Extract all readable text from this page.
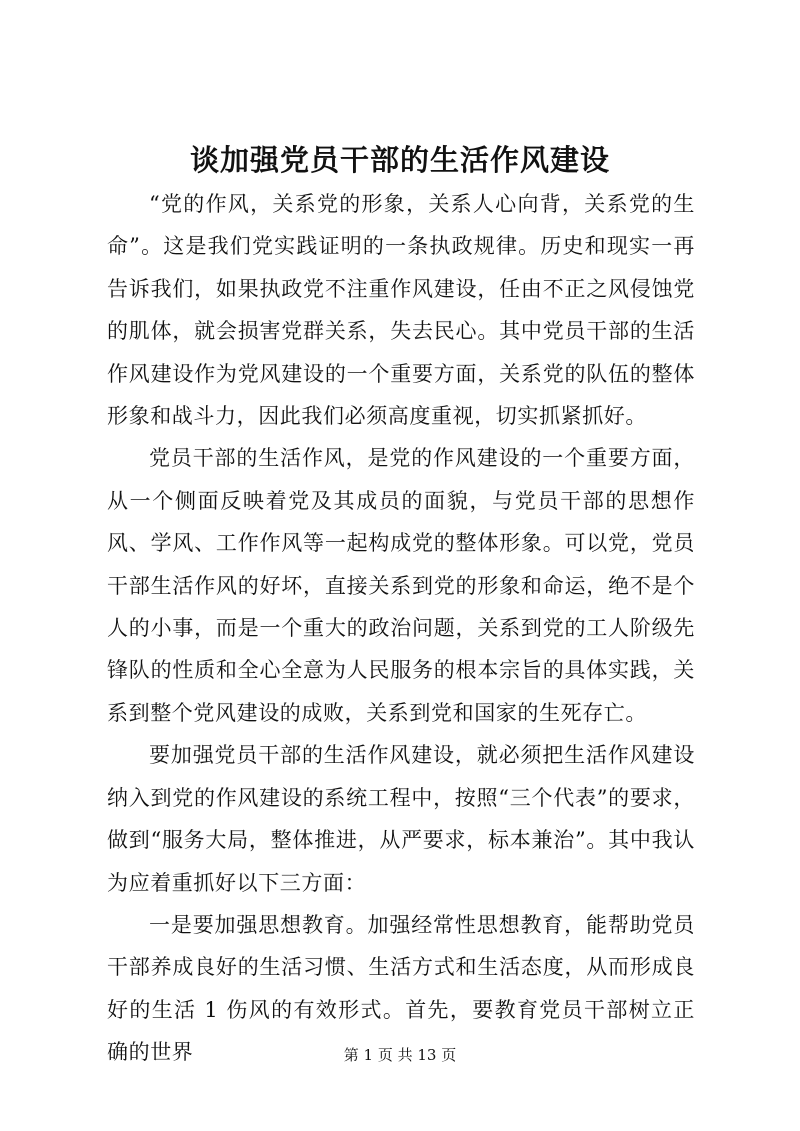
谈加强党员干部的生活作风建设

“党的作风，关系党的形象，关系人心向背，关系党的生命”。这是我们党实践证明的一条执政规律。历史和现实一再告诉我们，如果执政党不注重作风建设，任由不正之风侵蚀党的肌体，就会损害党群关系，失去民心。其中党员干部的生活作风建设作为党风建设的一个重要方面，关系党的队伍的整体形象和战斗力，因此我们必须高度重视，切实抓紧抓好。

党员干部的生活作风，是党的作风建设的一个重要方面，从一个侧面反映着党及其成员的面貌，与党员干部的思想作风、学风、工作作风等一起构成党的整体形象。可以党，党员干部生活作风的好坏，直接关系到党的形象和命运，绝不是个人的小事，而是一个重大的政治问题，关系到党的工人阶级先锋队的性质和全心全意为人民服务的根本宗旨的具体实践，关系到整个党风建设的成败，关系到党和国家的生死存亡。

要加强党员干部的生活作风建设，就必须把生活作风建设纳入到党的作风建设的系统工程中，按照“三个代表”的要求，做到“服务大局，整体推进，从严要求，标本兼治”。其中我认为应着重抓好以下三方面：

一是要加强思想教育。加强经常性思想教育，能帮助党员干部养成良好的生活习惯、生活方式和生活态度，从而形成良好的生活 1 伤风的有效形式。首先，要教育党员干部树立正确的世界	第 1 页 共 13 页
